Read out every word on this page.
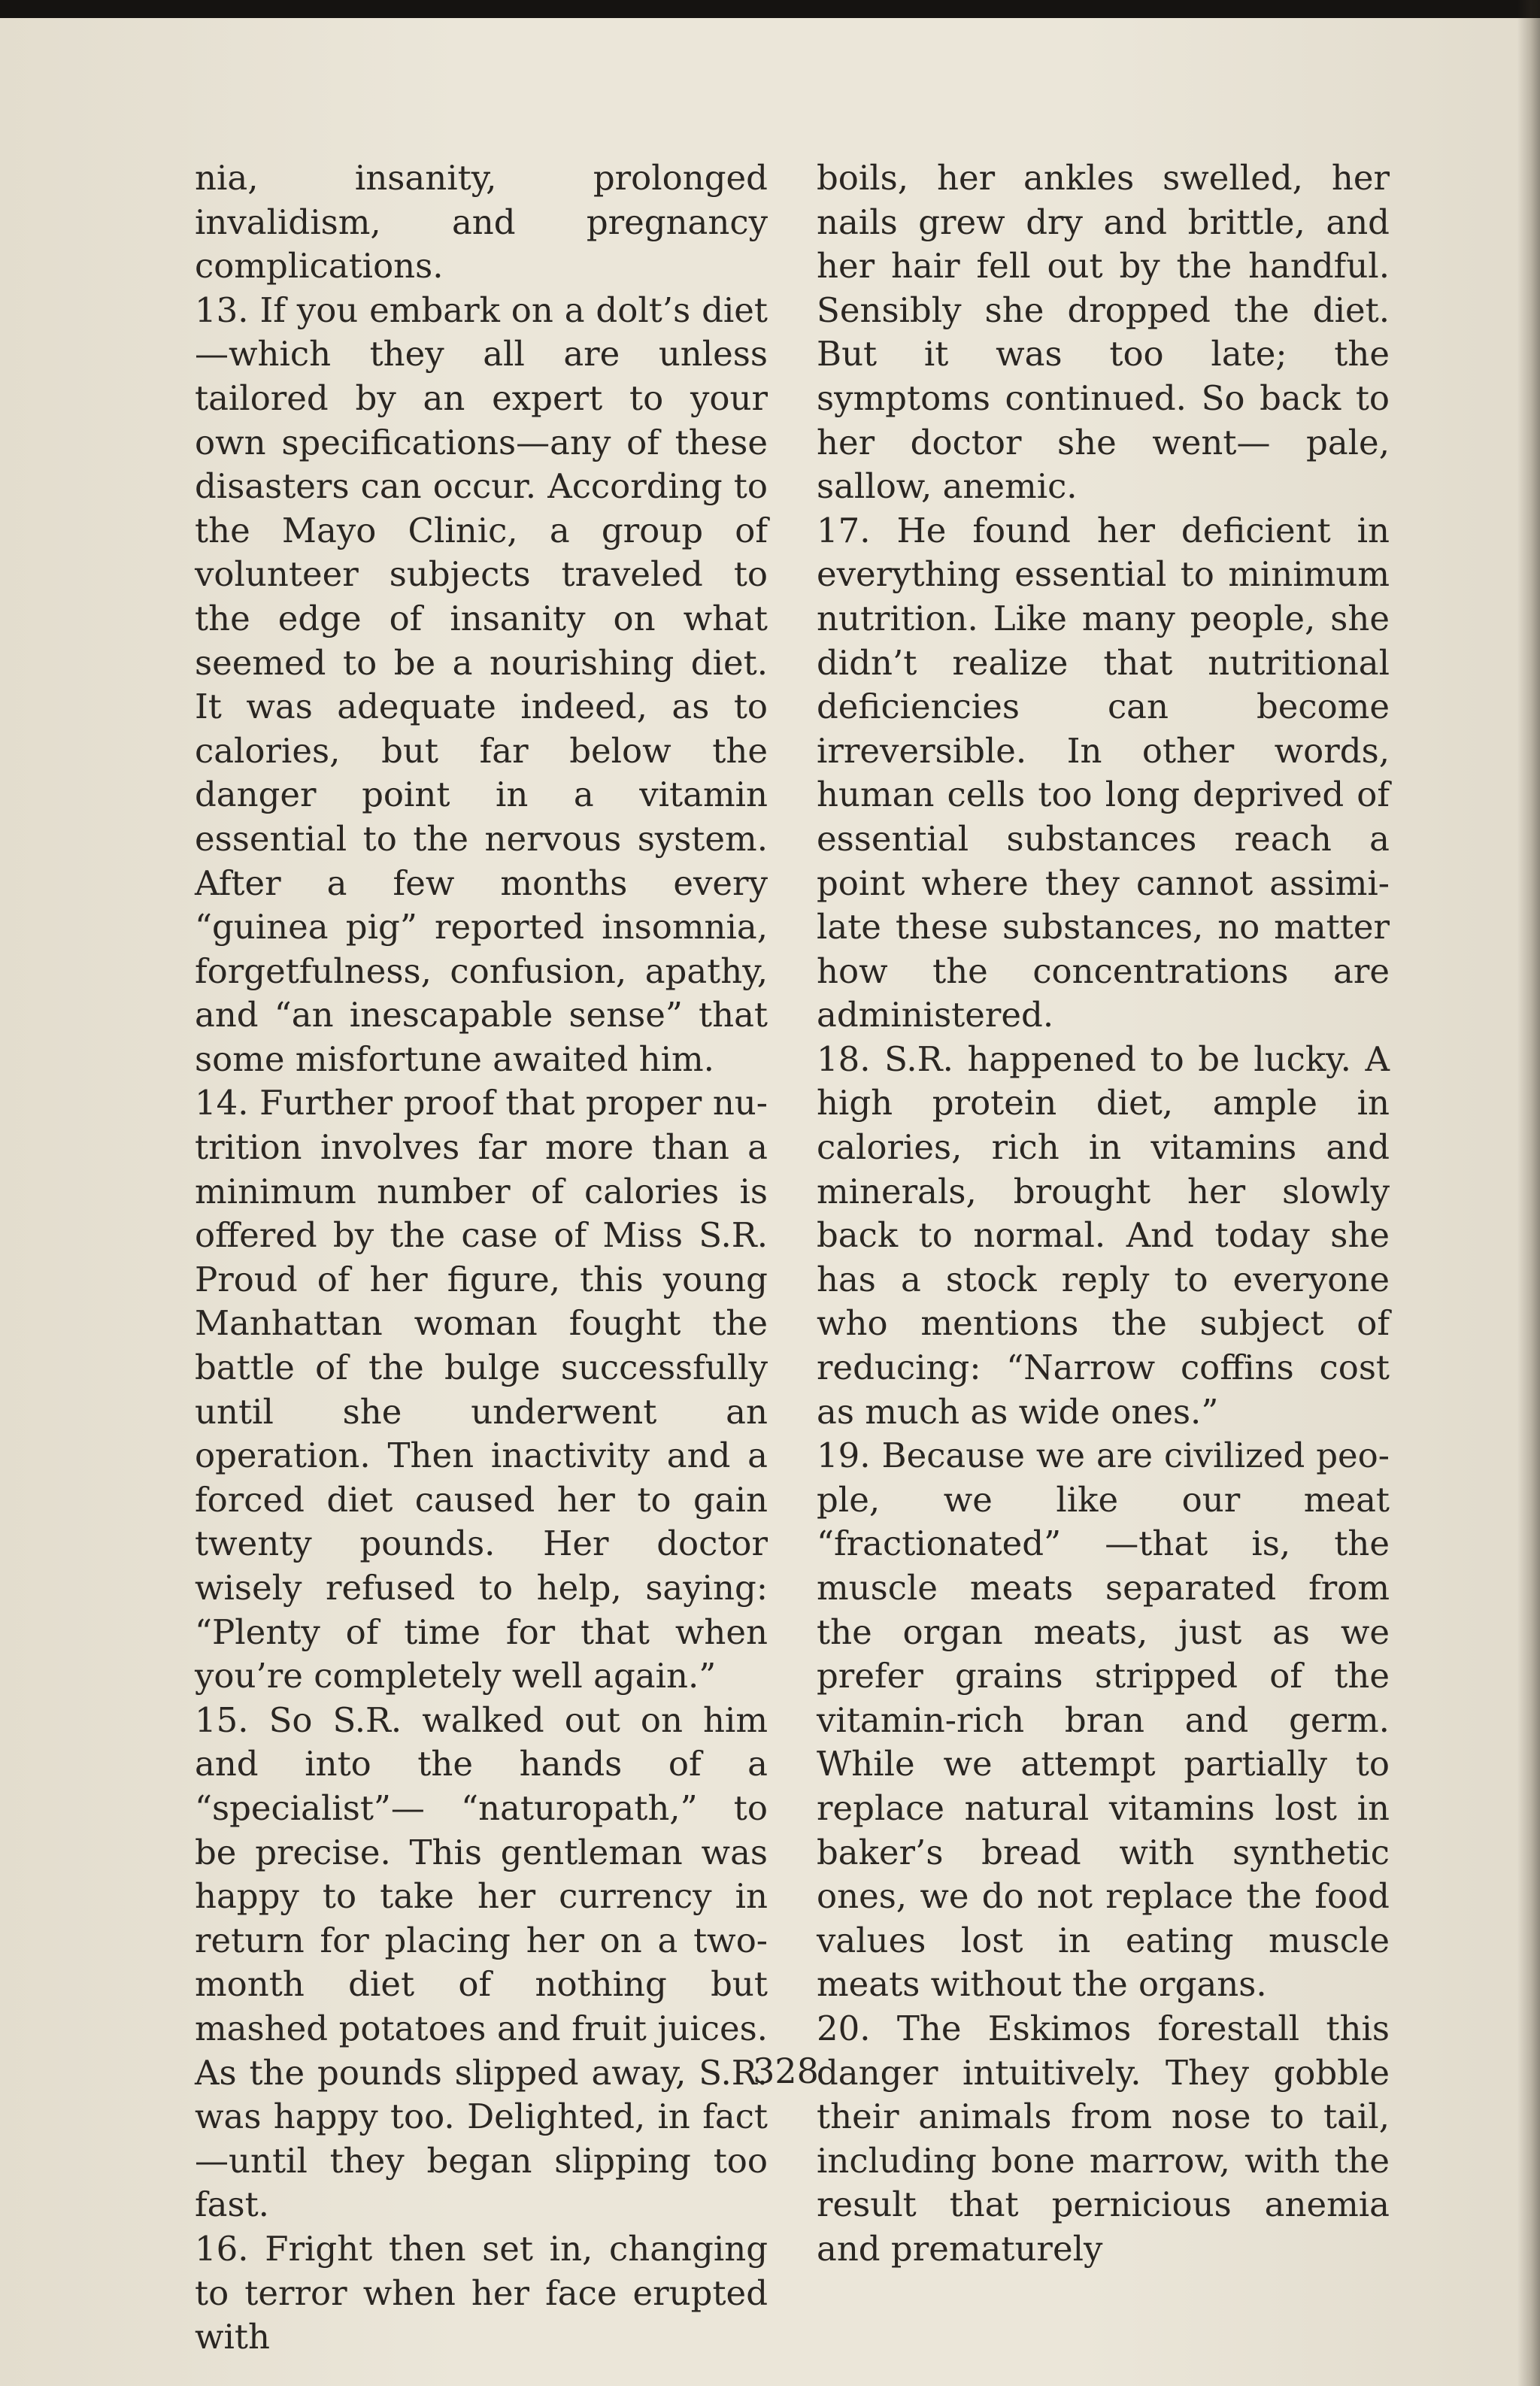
nia, insanity, prolonged invalidism, and pregnancy complications.

13. If you embark on a dolt’s diet —which they all are unless tailored by an expert to your own specifications—any of these disasters can occur. According to the Mayo Clinic, a group of volunteer subjects traveled to the edge of insanity on what seemed to be a nourishing diet. It was adequate indeed, as to calories, but far below the danger point in a vitamin essential to the nervous system. After a few months every “guinea pig” reported insomnia, forgetfulness, confusion, apathy, and “an inescapable sense” that some misfortune awaited him.

14. Further proof that proper nutrition involves far more than a minimum number of calories is offered by the case of Miss S.R. Proud of her figure, this young Manhattan woman fought the battle of the bulge successfully until she underwent an operation. Then inactivity and a forced diet caused her to gain twenty pounds. Her doctor wisely refused to help, saying: “Plenty of time for that when you’re completely well again.”

15. So S.R. walked out on him and into the hands of a “specialist”— “naturopath,” to be precise. This gentleman was happy to take her currency in return for placing her on a two-month diet of nothing but mashed potatoes and fruit juices. As the pounds slipped away, S.R. was happy too. Delighted, in fact—until they began slipping too fast.

16. Fright then set in, changing to terror when her face erupted with

boils, her ankles swelled, her nails grew dry and brittle, and her hair fell out by the handful. Sensibly she dropped the diet. But it was too late; the symptoms continued. So back to her doctor she went— pale, sallow, anemic.

17. He found her deficient in everything essential to minimum nutrition. Like many people, she didn’t realize that nutritional deficiencies can become irreversible. In other words, human cells too long deprived of essential substances reach a point where they cannot assimilate these substances, no matter how the concentrations are administered.

18. S.R. happened to be lucky. A high protein diet, ample in calories, rich in vitamins and minerals, brought her slowly back to normal. And today she has a stock reply to everyone who mentions the subject of reducing: “Narrow coffins cost as much as wide ones.”

19. Because we are civilized people, we like our meat “fractionated” —that is, the muscle meats separated from the organ meats, just as we prefer grains stripped of the vitamin-rich bran and germ. While we attempt partially to replace natural vitamins lost in baker’s bread with synthetic ones, we do not replace the food values lost in eating muscle meats without the organs.

20. The Eskimos forestall this danger intuitively. They gobble their animals from nose to tail, including bone marrow, with the result that pernicious anemia and prematurely

328
